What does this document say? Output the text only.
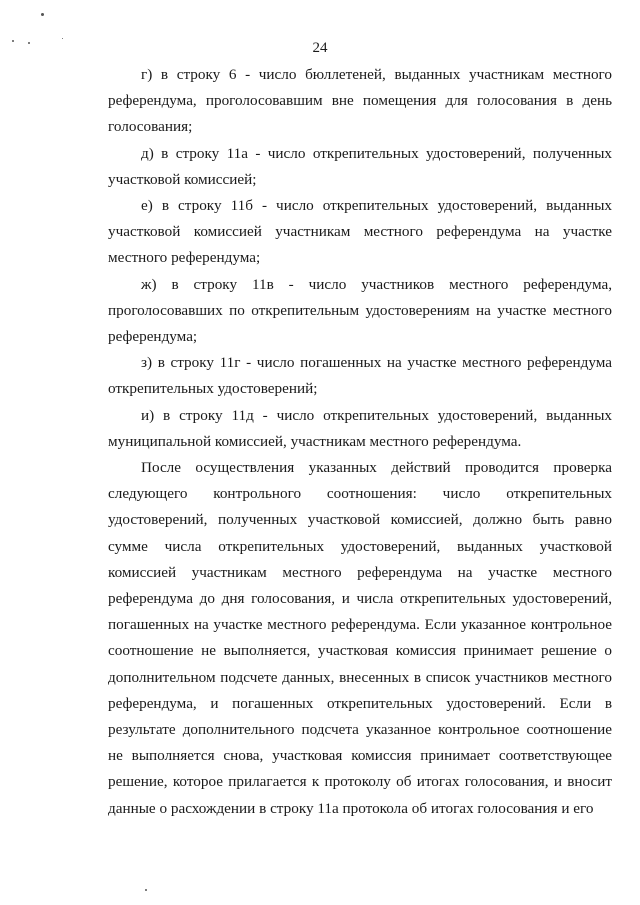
24

г) в строку 6 - число бюллетеней, выданных участникам местного референдума, проголосовавшим вне помещения для голосования в день голосования;

д) в строку 11а - число открепительных удостоверений, полученных участковой комиссией;

е) в строку 11б - число открепительных удостоверений, выданных участковой комиссией участникам местного референдума на участке местного референдума;

ж) в строку 11в - число участников местного референдума, проголосовавших по открепительным удостоверениям на участке местного референдума;

з) в строку 11г - число погашенных на участке местного референдума открепительных удостоверений;

и) в строку 11д - число открепительных удостоверений, выданных муниципальной комиссией, участникам местного референдума.

После осуществления указанных действий проводится проверка следующего контрольного соотношения: число открепительных удостоверений, полученных участковой комиссией, должно быть равно сумме числа открепительных удостоверений, выданных участковой комиссией участникам местного референдума на участке местного референдума до дня голосования, и числа открепительных удостоверений, погашенных на участке местного референдума. Если указанное контрольное соотношение не выполняется, участковая комиссия принимает решение о дополнительном подсчете данных, внесенных в список участников местного референдума, и погашенных открепительных удостоверений. Если в результате дополнительного подсчета указанное контрольное соотношение не выполняется снова, участковая комиссия принимает соответствующее решение, которое прилагается к протоколу об итогах голосования, и вносит данные о расхождении в строку 11а протокола об итогах голосования и его
